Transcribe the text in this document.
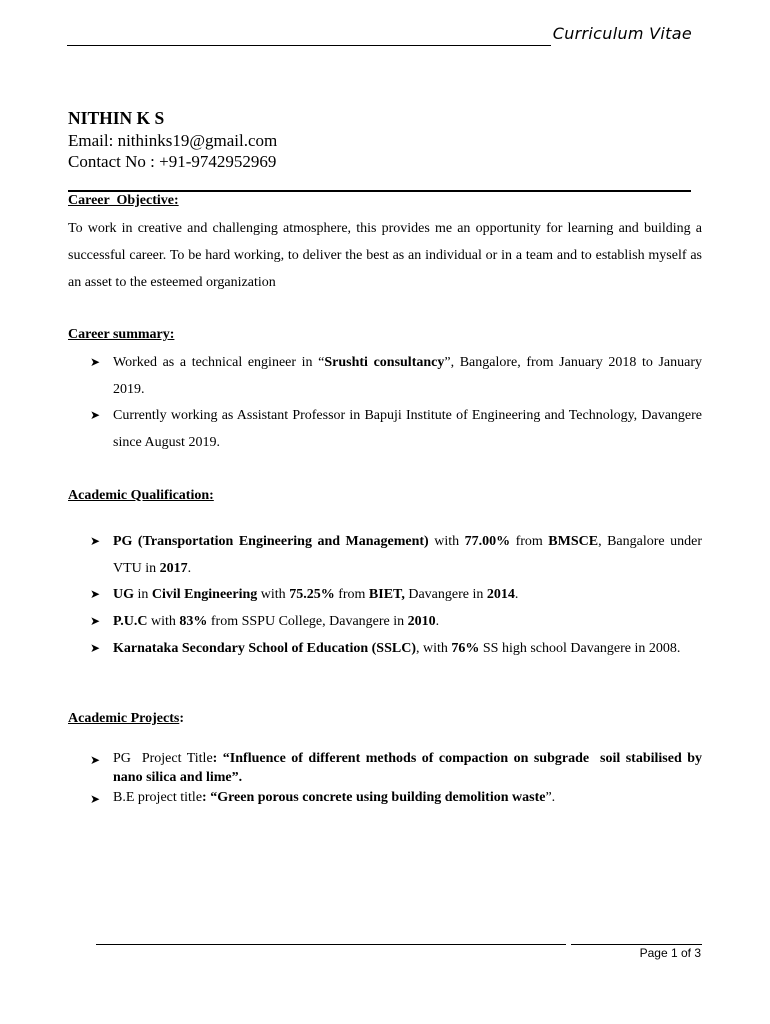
Curriculum Vitae
NITHIN K S
Email: nithinks19@gmail.com
Contact No : +91-9742952969
Career  Objective:
To work in creative and challenging atmosphere, this provides me an opportunity for learning and building a successful career. To be hard working, to deliver the best as an individual or in a team and to establish myself as an asset to the esteemed organization
Career summary:
➤ Worked as a technical engineer in “Srushti consultancy”, Bangalore, from January 2018 to January 2019.
➤ Currently working as Assistant Professor in Bapuji Institute of Engineering and Technology, Davangere since August 2019.
Academic Qualification:
➤ PG (Transportation Engineering and Management) with 77.00% from BMSCE, Bangalore under VTU in 2017.
➤ UG in Civil Engineering with 75.25% from BIET, Davangere in 2014.
➤ P.U.C with 83% from SSPU College, Davangere in 2010.
➤ Karnataka Secondary School of Education (SSLC), with 76% SS high school Davangere in 2008.
Academic Projects:
➤ PG  Project Title: “Influence of different methods of compaction on subgrade  soil stabilised by nano silica and lime”.
➤ B.E project title: “Green porous concrete using building demolition waste”.
Page 1 of 3
